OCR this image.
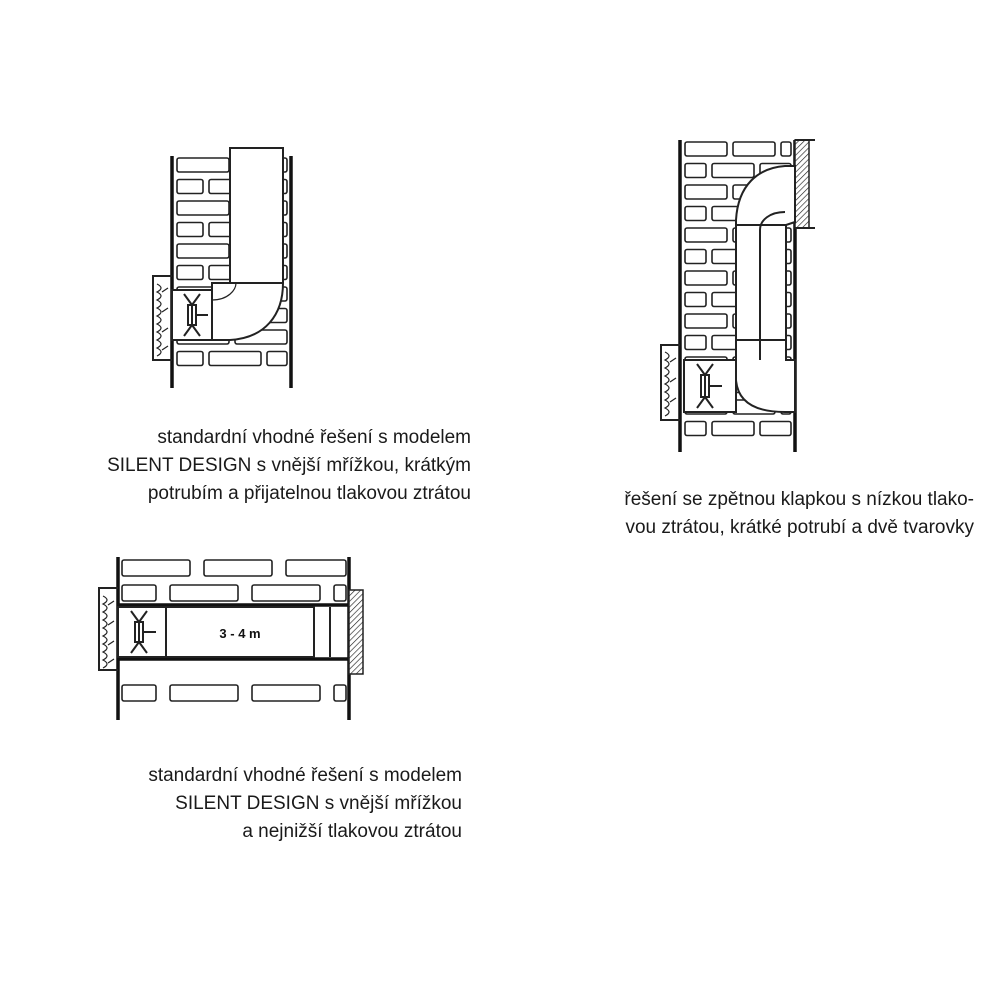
3 - 4 m
standardní vhodné řešení s modelem
SILENT DESIGN s vnější mřížkou, krátkým
potrubím a přijatelnou tlakovou ztrátou	řešení se zpětnou klapkou s nízkou tlako-
vou ztrátou, krátké potrubí a dvě tvarovky
standardní vhodné řešení s modelem
SILENT DESIGN s vnější mřížkou
a nejnižší tlakovou ztrátou
